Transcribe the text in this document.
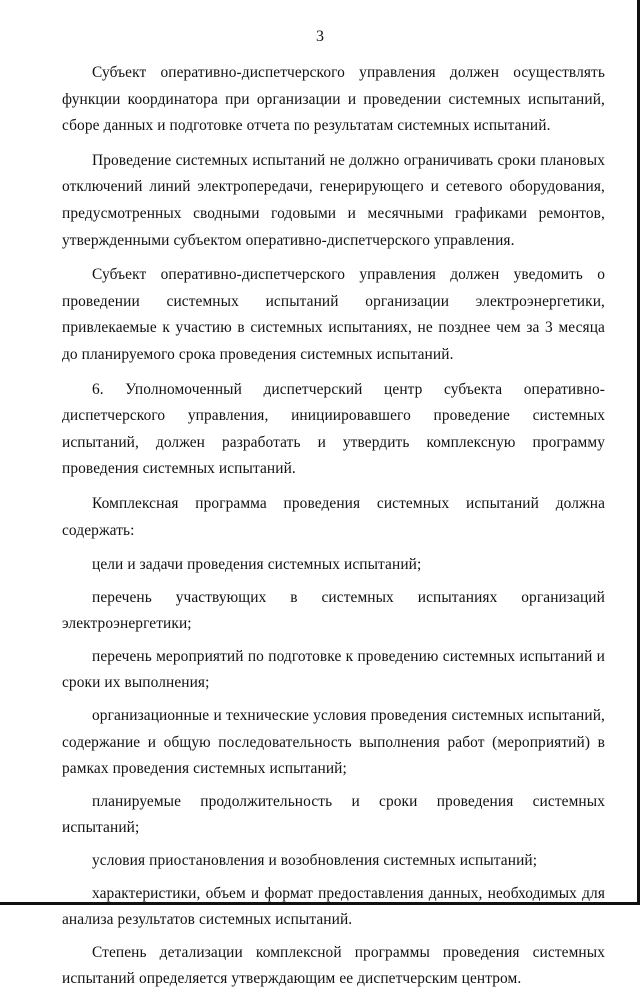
3

Субъект оперативно-диспетчерского управления должен осуществлять функции координатора при организации и проведении системных испытаний, сборе данных и подготовке отчета по результатам системных испытаний.

Проведение системных испытаний не должно ограничивать сроки плановых отключений линий электропередачи, генерирующего и сетевого оборудования, предусмотренных сводными годовыми и месячными графиками ремонтов, утвержденными субъектом оперативно-диспетчерского управления.

Субъект оперативно-диспетчерского управления должен уведомить о проведении системных испытаний организации электроэнергетики, привлекаемые к участию в системных испытаниях, не позднее чем за 3 месяца до планируемого срока проведения системных испытаний.

6. Уполномоченный диспетчерский центр субъекта оперативно-диспетчерского управления, инициировавшего проведение системных испытаний, должен разработать и утвердить комплексную программу проведения системных испытаний.

Комплексная программа проведения системных испытаний должна содержать:

цели и задачи проведения системных испытаний;

перечень участвующих в системных испытаниях организаций электроэнергетики;

перечень мероприятий по подготовке к проведению системных испытаний и сроки их выполнения;

организационные и технические условия проведения системных испытаний, содержание и общую последовательность выполнения работ (мероприятий) в рамках проведения системных испытаний;

планируемые продолжительность и сроки проведения системных испытаний;

условия приостановления и возобновления системных испытаний;

характеристики, объем и формат предоставления данных, необходимых для анализа результатов системных испытаний.

Степень детализации комплексной программы проведения системных испытаний определяется утверждающим ее диспетчерским центром.
